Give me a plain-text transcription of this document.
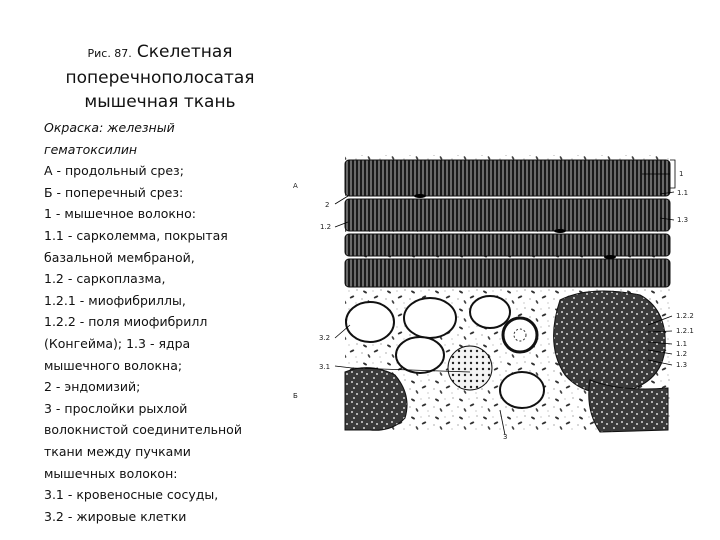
Рис. 87. Скелетная
поперечнополосатая
мышечная ткань
Окраска: железный
гематоксилин
А - продольный срез;
Б - поперечный срез:
1 - мышечное волокно:
1.1 - сарколемма, покрытая
базальной мембраной,
1.2 - саркоплазма,
1.2.1 - миофибриллы,
1.2.2 - поля миофибрилл
(Конгейма); 1.3 - ядра
мышечного волокна;
2 - эндомизий;
3 - прослойки рыхлой
волокнистой соединительной
ткани между пучками
мышечных волокон:
3.1 - кровеносные сосуды,
3.2 - жировые клетки
А
Б
2
1.2
3.2
3.1
1
1.1
1.3
1.2.2
1.2.1
1.1
1.2
1.3
3
